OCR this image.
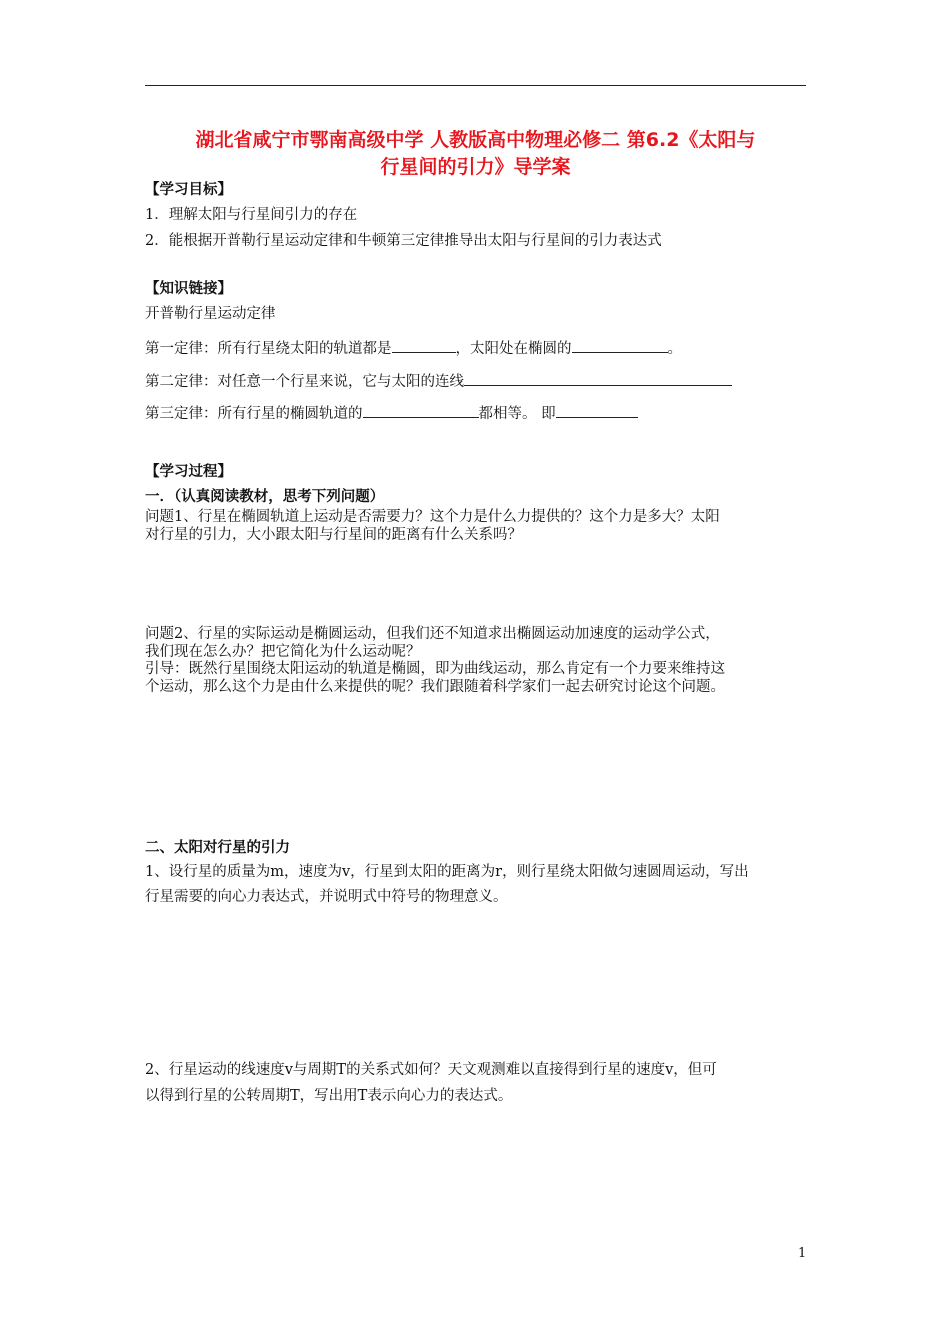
湖北省咸宁市鄂南高级中学 人教版高中物理必修二 第6.2《太阳与
行星间的引力》导学案
【学习目标】
1．理解太阳与行星间引力的存在
2．能根据开普勒行星运动定律和牛顿第三定律推导出太阳与行星间的引力表达式
【知识链接】
开普勒行星运动定律
第一定律：所有行星绕太阳的轨道都是	，太阳处在椭圆的	。
第二定律：对任意一个行星来说，它与太阳的连线
第三定律：所有行星的椭圆轨道的	都相等。 即
【学习过程】
一．（认真阅读教材，思考下列问题）
问题1、行星在椭圆轨道上运动是否需要力？这个力是什么力提供的？这个力是多大？太阳
对行星的引力，大小跟太阳与行星间的距离有什么关系吗？
问题2、行星的实际运动是椭圆运动，但我们还不知道求出椭圆运动加速度的运动学公式，
我们现在怎么办？把它简化为什么运动呢？
引导：既然行星围绕太阳运动的轨道是椭圆，即为曲线运动，那么肯定有一个力要来维持这
个运动，那么这个力是由什么来提供的呢？我们跟随着科学家们一起去研究讨论这个问题。
二、太阳对行星的引力
1、设行星的质量为m，速度为v，行星到太阳的距离为r，则行星绕太阳做匀速圆周运动，写出
行星需要的向心力表达式，并说明式中符号的物理意义。
2、行星运动的线速度v与周期T的关系式如何？天文观测难以直接得到行星的速度v，但可
以得到行星的公转周期T，写出用T表示向心力的表达式。
1
